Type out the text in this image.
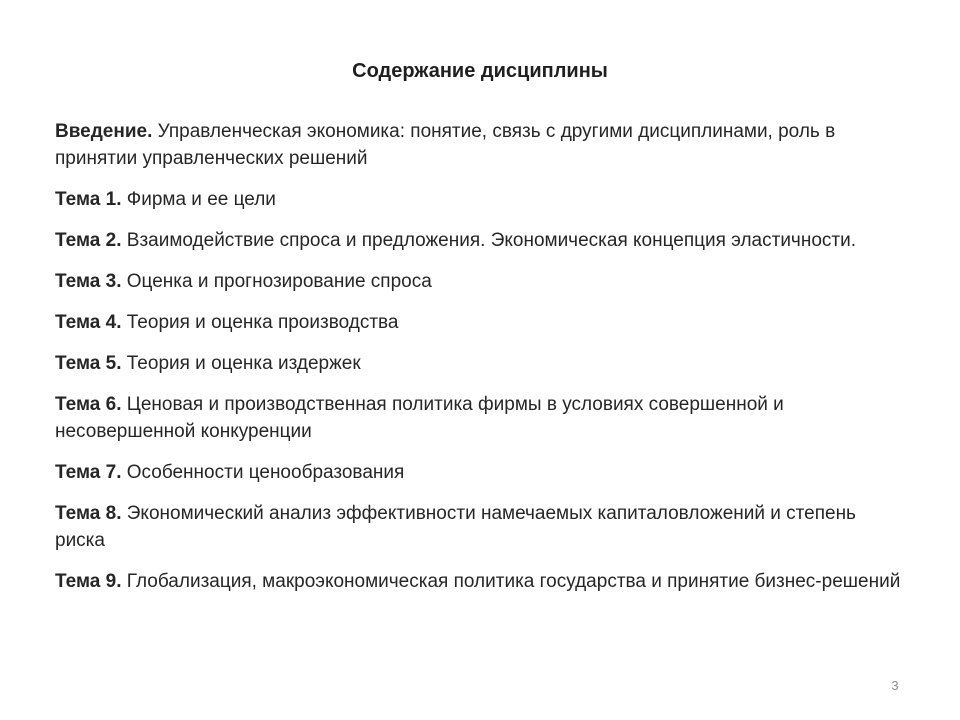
Содержание дисциплины
Введение. Управленческая экономика: понятие, связь с другими дисциплинами, роль в принятии управленческих решений
Тема 1. Фирма и ее цели
Тема 2. Взаимодействие спроса и предложения. Экономическая концепция эластичности.
Тема 3. Оценка и прогнозирование спроса
Тема 4. Теория и оценка производства
Тема 5. Теория и оценка издержек
Тема 6. Ценовая и производственная политика фирмы в условиях совершенной и несовершенной конкуренции
Тема 7. Особенности ценообразования
Тема 8. Экономический анализ эффективности намечаемых капиталовложений и степень риска
Тема 9. Глобализация, макроэкономическая политика государства и принятие бизнес-решений
3
